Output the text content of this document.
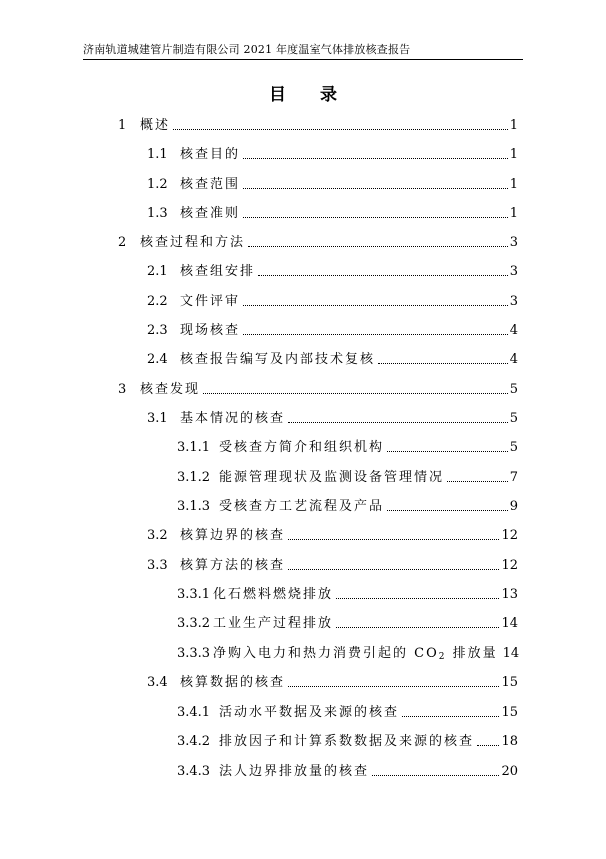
济南轨道城建管片制造有限公司 2021 年度温室气体排放核查报告
目 录
1	概述	1
1.1 核查目的	1
1.2 核查范围	1
1.3 核查准则	1
2	核查过程和方法	3
2.1 核查组安排	3
2.2 文件评审	3
2.3 现场核查	4
2.4 核查报告编写及内部技术复核	4
3	核查发现	5
3.1 基本情况的核查	5
3.1.1 受核查方简介和组织机构	5
3.1.2 能源管理现状及监测设备管理情况	7
3.1.3 受核查方工艺流程及产品	9
3.2 核算边界的核查	12
3.3 核算方法的核查	12
3.3.1 化石燃料燃烧排放	13
3.3.2 工业生产过程排放	14
3.3.3 净购入电力和热力消费引起的 $CO_2$ 排放量 14
3.4 核算数据的核查	15
3.4.1 活动水平数据及来源的核查	15
3.4.2 排放因子和计算系数数据及来源的核查 18
3.4.3 法人边界排放量的核查	20
